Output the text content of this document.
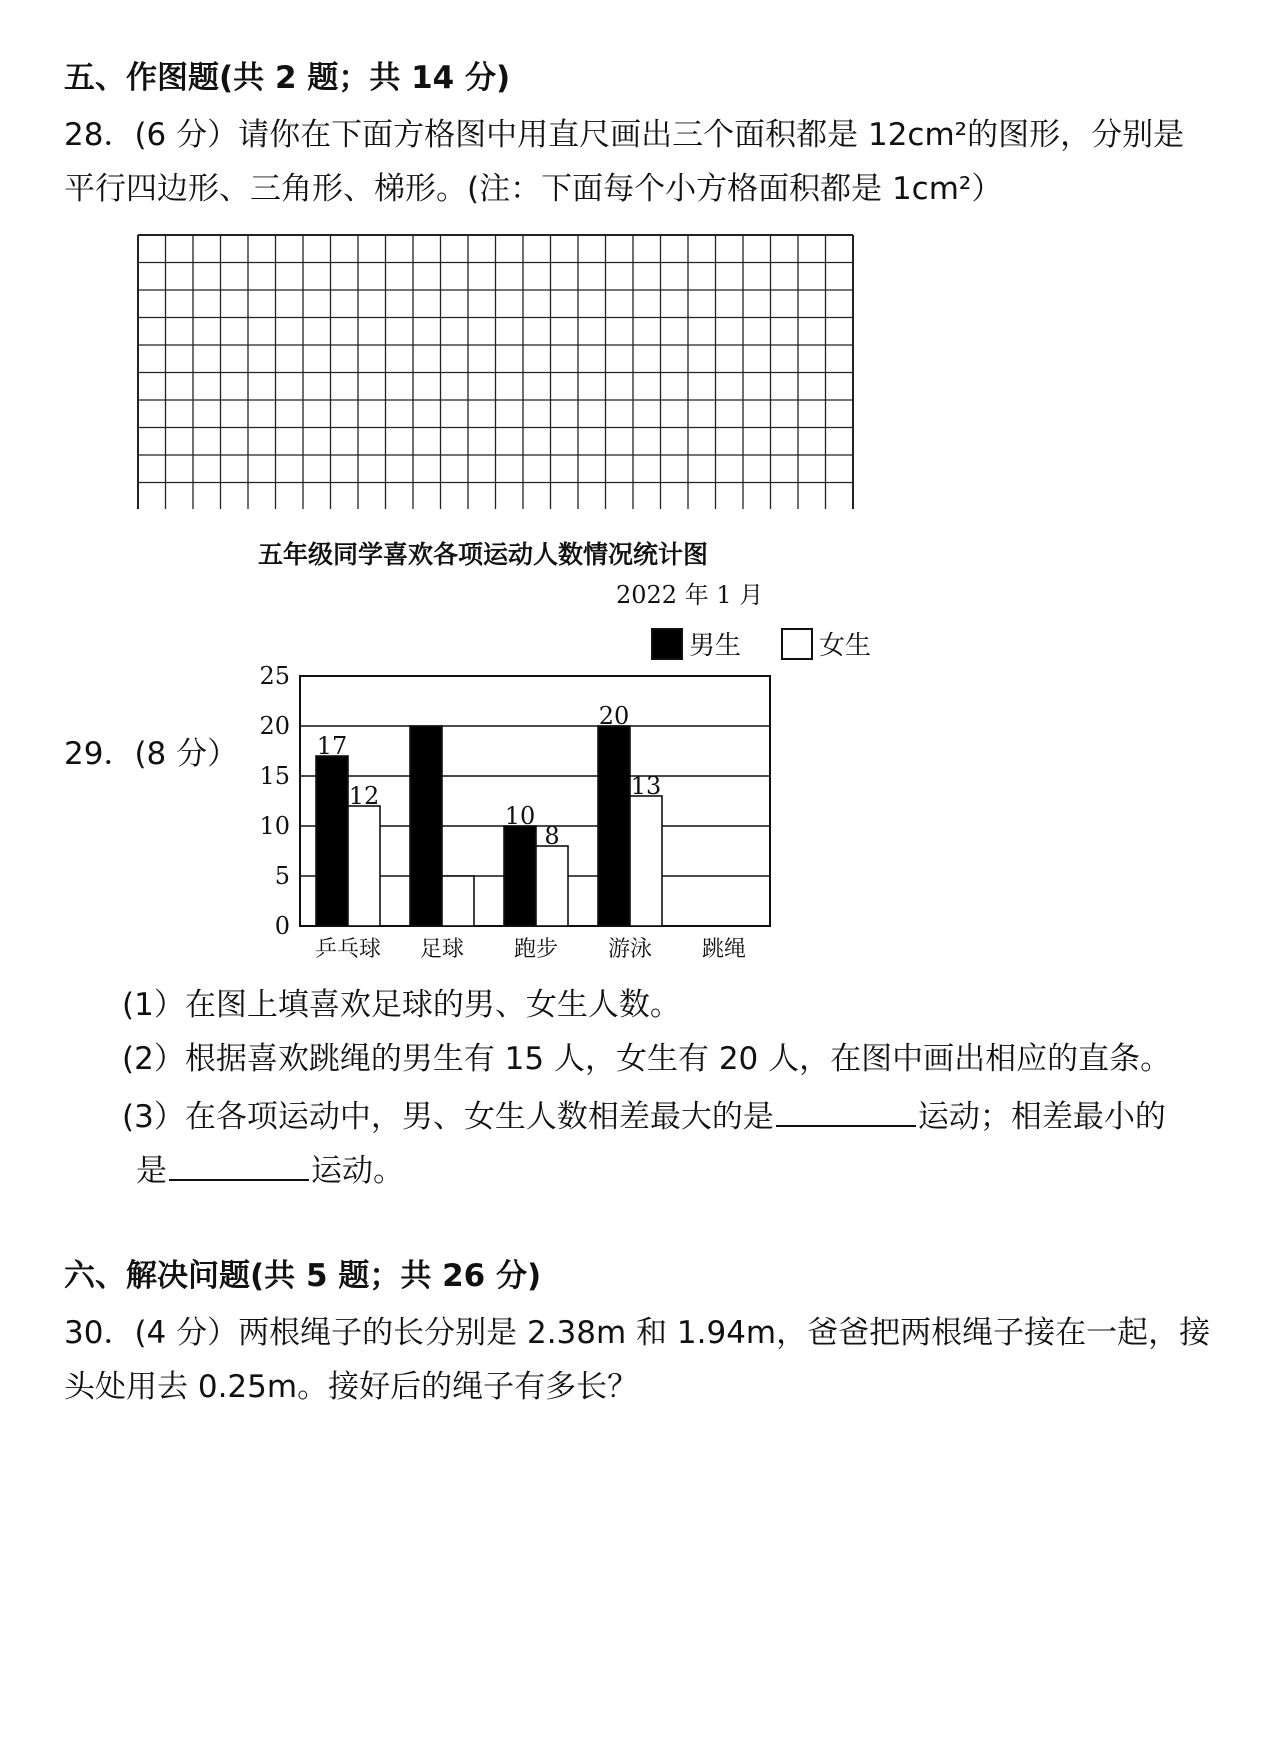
五、作图题(共 2 题；共 14 分)
28．(6 分）请你在下面方格图中用直尺画出三个面积都是 12cm²的图形，分别是
平行四边形、三角形、梯形。(注：下面每个小方格面积都是 1cm²）
五年级同学喜欢各项运动人数情况统计图
2022 年 1 月
男生	女生
29．(8 分）
0
5
10
15
20
25
17
12
乒乓球 足球
10
8
跑步
20
13
游泳 跳绳
(1）在图上填喜欢足球的男、女生人数。
(2）根据喜欢跳绳的男生有 15 人，女生有 20 人，在图中画出相应的直条。
(3）在各项运动中，男、女生人数相差最大的是	运动；相差最小的
是	运动。
六、解决问题(共 5 题；共 26 分)
30．(4 分）两根绳子的长分别是 2.38m 和 1.94m，爸爸把两根绳子接在一起，接
头处用去 0.25m。接好后的绳子有多长？
